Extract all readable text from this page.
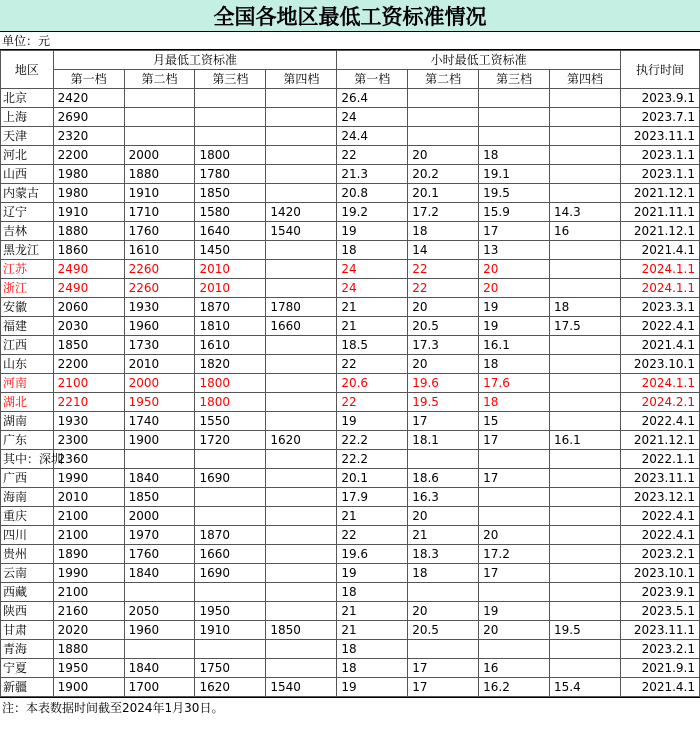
全国各地区最低工资标准情况
单位：元
地区	月最低工资标准				小时最低工资标准				执行时间
	第一档	第二档	第三档	第四档	第一档	第二档	第三档	第四档	
北京	2420				26.4				2023.9.1
上海	2690				24				2023.7.1
天津	2320				24.4				2023.11.1
河北	2200	2000	1800		22	20	18		2023.1.1
山西	1980	1880	1780		21.3	20.2	19.1		2023.1.1
内蒙古	1980	1910	1850		20.8	20.1	19.5		2021.12.1
辽宁	1910	1710	1580	1420	19.2	17.2	15.9	14.3	2021.11.1
吉林	1880	1760	1640	1540	19	18	17	16	2021.12.1
黑龙江	1860	1610	1450		18	14	13		2021.4.1
江苏	2490	2260	2010		24	22	20		2024.1.1
浙江	2490	2260	2010		24	22	20		2024.1.1
安徽	2060	1930	1870	1780	21	20	19	18	2023.3.1
福建	2030	1960	1810	1660	21	20.5	19	17.5	2022.4.1
江西	1850	1730	1610		18.5	17.3	16.1		2021.4.1
山东	2200	2010	1820		22	20	18		2023.10.1
河南	2100	2000	1800		20.6	19.6	17.6		2024.1.1
湖北	2210	1950	1800		22	19.5	18		2024.2.1
湖南	1930	1740	1550		19	17	15		2022.4.1
广东	2300	1900	1720	1620	22.2	18.1	17	16.1	2021.12.1
其中：深圳	2360				22.2				2022.1.1
广西	1990	1840	1690		20.1	18.6	17		2023.11.1
海南	2010	1850			17.9	16.3			2023.12.1
重庆	2100	2000			21	20			2022.4.1
四川	2100	1970	1870		22	21	20		2022.4.1
贵州	1890	1760	1660		19.6	18.3	17.2		2023.2.1
云南	1990	1840	1690		19	18	17		2023.10.1
西藏	2100				18				2023.9.1
陕西	2160	2050	1950		21	20	19		2023.5.1
甘肃	2020	1960	1910	1850	21	20.5	20	19.5	2023.11.1
青海	1880				18				2023.2.1
宁夏	1950	1840	1750		18	17	16		2021.9.1
新疆	1900	1700	1620	1540	19	17	16.2	15.4	2021.4.1
注：本表数据时间截至2024年1月30日。
